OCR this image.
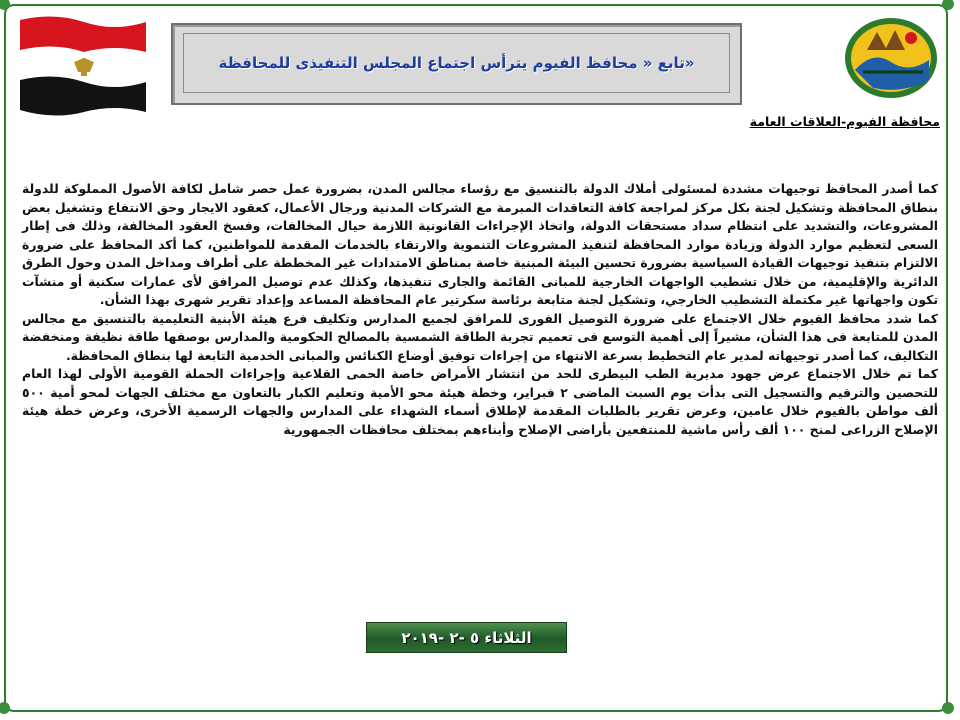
«تابع « محافظ الفيوم يترأس اجتماع المجلس التنفيذى للمحافظة
محافظة الفيوم-العلاقات العامة

كما أصدر المحافظ توجيهات مشددة لمسئولى أملاك الدولة بالتنسيق مع رؤساء مجالس المدن، بضرورة عمل حصر شامل لكافة الأصول المملوكة للدولة بنطاق المحافظة وتشكيل لجنة بكل مركز لمراجعة كافة التعاقدات المبرمة مع الشركات المدنية ورجال الأعمال، كعقود الايجار وحق الانتفاع وتشغيل بعض المشروعات، والتشديد على انتظام سداد مستحقات الدولة، واتخاذ الإجراءات القانونية اللازمة حيال المخالفات، وفسخ العقود المخالفة، وذلك فى إطار السعى لتعظيم موارد الدولة وزيادة موارد المحافظة لتنفيذ المشروعات التنموية والارتقاء بالخدمات المقدمة للمواطنين، كما أكد المحافظ على ضرورة الالتزام بتنفيذ توجيهات القيادة السياسية بضرورة تحسين البيئة المبنية خاصة بمناطق الامتدادات غير المخططة على أطراف ومداخل المدن وحول الطرق الدائرية والإقليمية، من خلال تشطيب الواجهات الخارجية للمبانى القائمة والجارى تنفيذها، وكذلك عدم توصيل المرافق لأى عمارات سكنية أو منشآت تكون واجهاتها غير مكتملة التشطيب الخارجي، وتشكيل لجنة متابعة برئاسة سكرتير عام المحافظة المساعد وإعداد تقرير شهرى بهذا الشأن.

كما شدد محافظ الفيوم خلال الاجتماع على ضرورة التوصيل الفورى للمرافق لجميع المدارس وتكليف فرع هيئة الأبنية التعليمية بالتنسيق مع مجالس المدن للمتابعة فى هذا الشأن، مشيراً إلى أهمية التوسع فى تعميم تجربة الطاقة الشمسية بالمصالح الحكومية والمدارس بوصفها طاقة نظيفة ومنخفضة التكاليف، كما أصدر توجيهاته لمدير عام التخطيط بسرعة الانتهاء من إجراءات توفيق أوضاع الكنائس والمبانى الخدمية التابعة لها بنطاق المحافظة.

كما تم خلال الاجتماع عرض جهود مديرية الطب البيطرى للحد من انتشار الأمراض خاصة الحمى القلاعية وإجراءات الحملة القومية الأولى لهذا العام للتحصين والترقيم والتسجيل التى بدأت يوم السبت الماضى ٢ فبراير، وخطة هيئة محو الأمية وتعليم الكبار بالتعاون مع مختلف الجهات لمحو أمية ٥٠٠ ألف مواطن بالفيوم خلال عامين، وعرض تقرير بالطلبات المقدمة لإطلاق أسماء الشهداء على المدارس والجهات الرسمية الأخرى، وعرض خطة هيئة الإصلاح الزراعى لمنح ١٠٠ ألف رأس ماشية للمنتفعين بأراضى الإصلاح وأبناءهم بمختلف محافظات الجمهورية

الثلاثاء ٥ -٢ -٢٠١٩
